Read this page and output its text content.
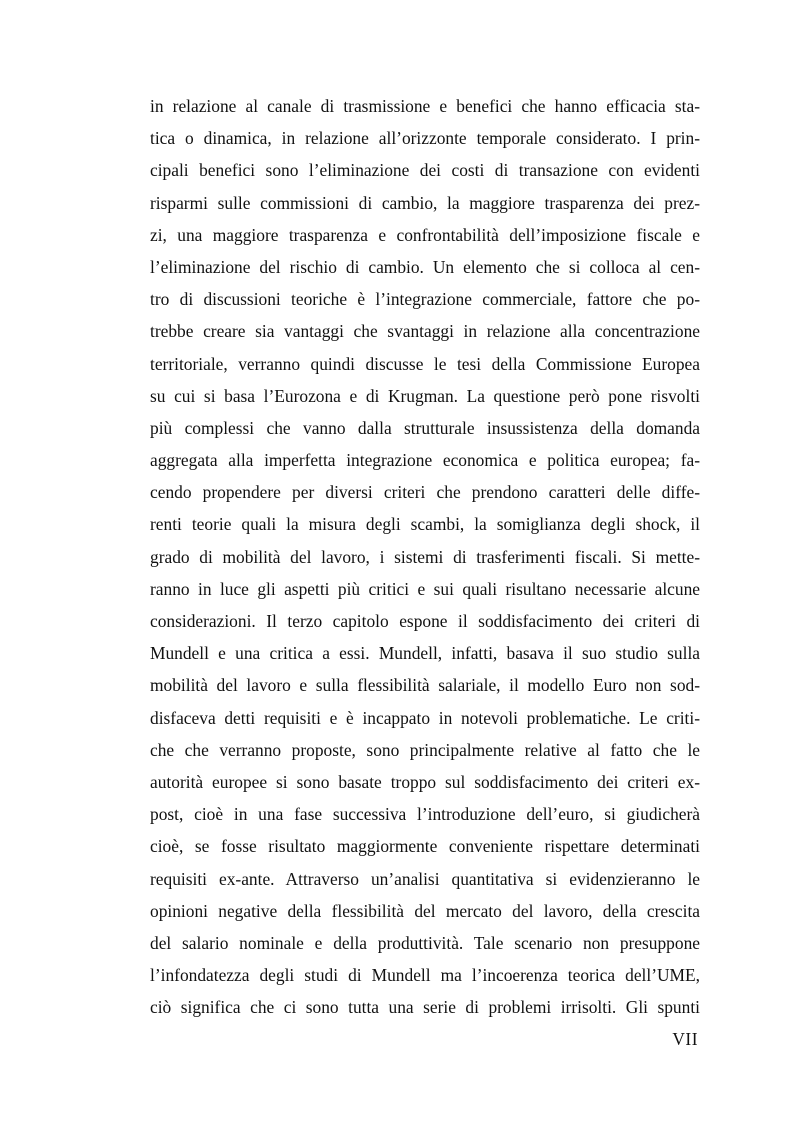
in relazione al canale di trasmissione e benefici che hanno efficacia sta-
tica o dinamica, in relazione all’orizzonte temporale considerato. I prin-
cipali benefici sono l’eliminazione dei costi di transazione con evidenti
risparmi sulle commissioni di cambio, la maggiore trasparenza dei prez-
zi, una maggiore trasparenza e confrontabilità dell’imposizione fiscale e
l’eliminazione del rischio di cambio. Un elemento che si colloca al cen-
tro di discussioni teoriche è l’integrazione commerciale, fattore che po-
trebbe creare sia vantaggi che svantaggi in relazione alla concentrazione
territoriale, verranno quindi discusse le tesi della Commissione Europea
su cui si basa l’Eurozona e di Krugman. La questione però pone risvolti
più complessi che vanno dalla strutturale insussistenza della domanda
aggregata alla imperfetta integrazione economica e politica europea; fa-
cendo propendere per diversi criteri che prendono caratteri delle diffe-
renti teorie quali la misura degli scambi, la somiglianza degli shock, il
grado di mobilità del lavoro, i sistemi di trasferimenti fiscali. Si mette-
ranno in luce gli aspetti più critici e sui quali risultano necessarie alcune
considerazioni. Il terzo capitolo espone il soddisfacimento dei criteri di
Mundell e una critica a essi. Mundell, infatti, basava il suo studio sulla
mobilità del lavoro e sulla flessibilità salariale, il modello Euro non sod-
disfaceva detti requisiti e è incappato in notevoli problematiche. Le criti-
che che verranno proposte, sono principalmente relative al fatto che le
autorità europee si sono basate troppo sul soddisfacimento dei criteri ex-
post, cioè in una fase successiva l’introduzione dell’euro, si giudicherà
cioè, se fosse risultato maggiormente conveniente rispettare determinati
requisiti ex-ante. Attraverso un’analisi quantitativa si evidenzieranno le
opinioni negative della flessibilità del mercato del lavoro, della crescita
del salario nominale e della produttività. Tale scenario non presuppone
l’infondatezza degli studi di Mundell ma l’incoerenza teorica dell’UME,
ciò significa che ci sono tutta una serie di problemi irrisolti. Gli spunti
VII
